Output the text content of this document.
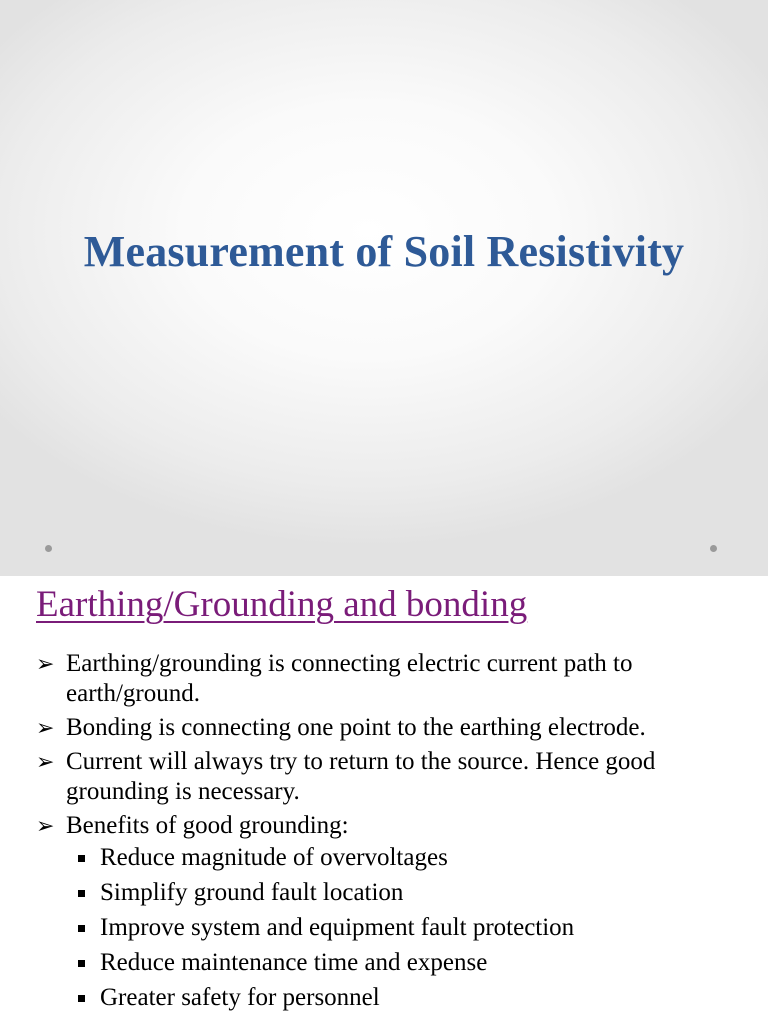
Measurement of Soil Resistivity
Earthing/Grounding and bonding
➢ Earthing/grounding is connecting electric current path to earth/ground.
➢ Bonding is connecting one point to the earthing electrode.
➢ Current will always try to return to the source. Hence good grounding is necessary.
➢ Benefits of good grounding:
Reduce magnitude of overvoltages
Simplify ground fault location
Improve system and equipment fault protection
Reduce maintenance time and expense
Greater safety for personnel
